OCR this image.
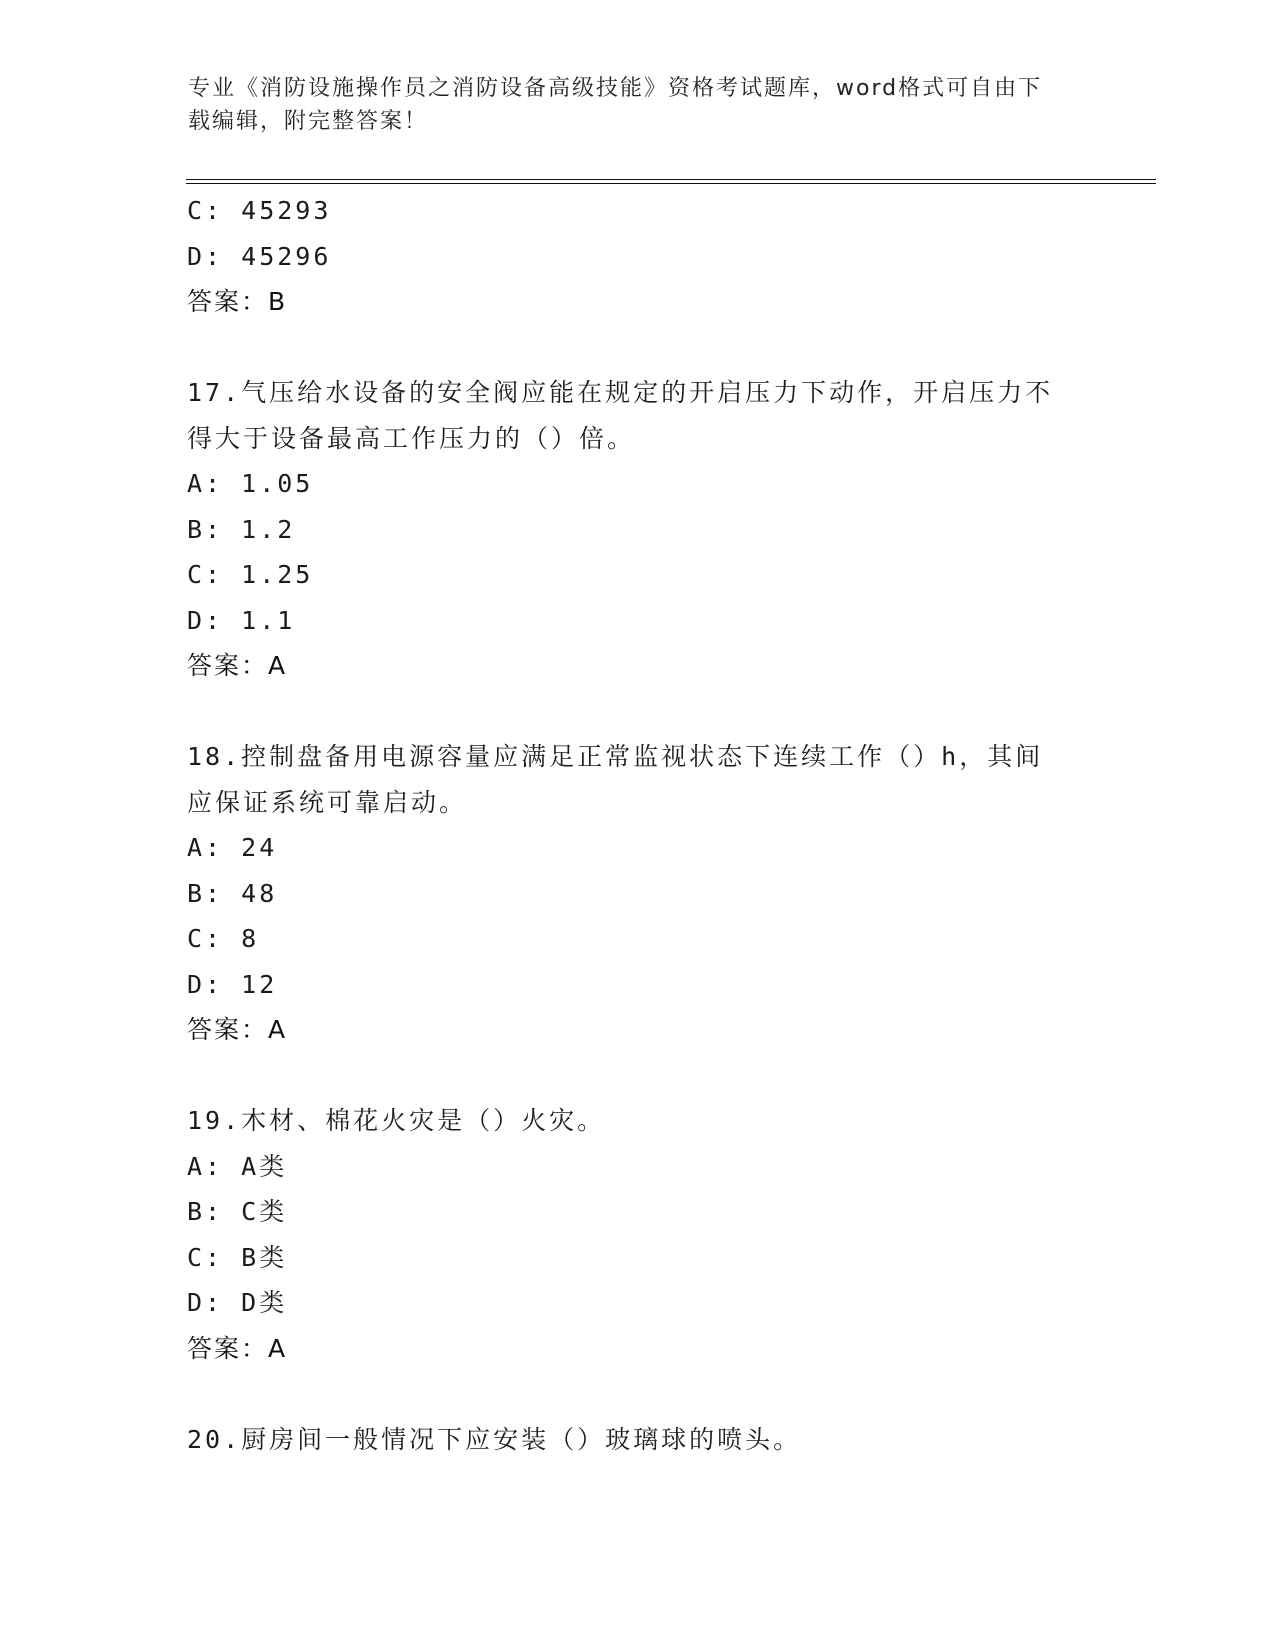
专业《消防设施操作员之消防设备高级技能》资格考试题库，word格式可自由下
载编辑，附完整答案！
C: 45293
D: 45296
答案：B
17.气压给水设备的安全阀应能在规定的开启压力下动作，开启压力不
得大于设备最高工作压力的（）倍。
A: 1.05
B: 1.2
C: 1.25
D: 1.1
答案：A
18.控制盘备用电源容量应满足正常监视状态下连续工作（）h，其间
应保证系统可靠启动。
A: 24
B: 48
C: 8
D: 12
答案：A
19.木材、棉花火灾是（）火灾。
A: A类
B: C类
C: B类
D: D类
答案：A
20.厨房间一般情况下应安装（）玻璃球的喷头。
